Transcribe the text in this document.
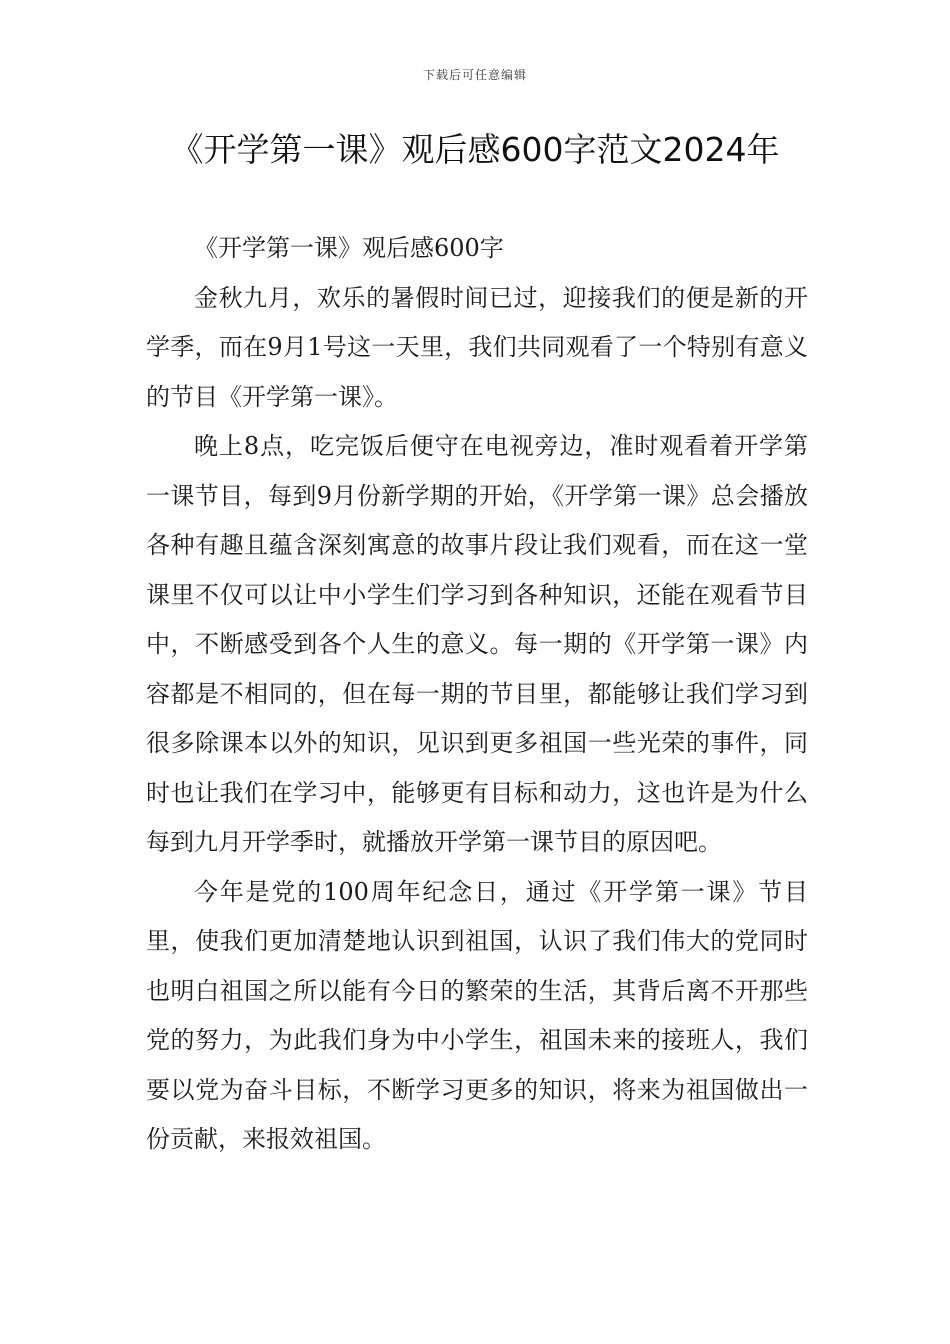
下载后可任意编辑
《开学第一课》观后感600字范文2024年

《开学第一课》观后感600字

金秋九月，欢乐的暑假时间已过，迎接我们的便是新的开学季，而在9月1号这一天里，我们共同观看了一个特别有意义的节目《开学第一课》。

晚上8点，吃完饭后便守在电视旁边，准时观看着开学第一课节目，每到9月份新学期的开始，《开学第一课》总会播放各种有趣且蕴含深刻寓意的故事片段让我们观看，而在这一堂课里不仅可以让中小学生们学习到各种知识，还能在观看节目中，不断感受到各个人生的意义。每一期的《开学第一课》内容都是不相同的，但在每一期的节目里，都能够让我们学习到很多除课本以外的知识，见识到更多祖国一些光荣的事件，同时也让我们在学习中，能够更有目标和动力，这也许是为什么每到九月开学季时，就播放开学第一课节目的原因吧。

今年是党的100周年纪念日，通过《开学第一课》节目里，使我们更加清楚地认识到祖国，认识了我们伟大的党同时也明白祖国之所以能有今日的繁荣的生活，其背后离不开那些党的努力，为此我们身为中小学生，祖国未来的接班人，我们要以党为奋斗目标，不断学习更多的知识，将来为祖国做出一份贡献，来报效祖国。
